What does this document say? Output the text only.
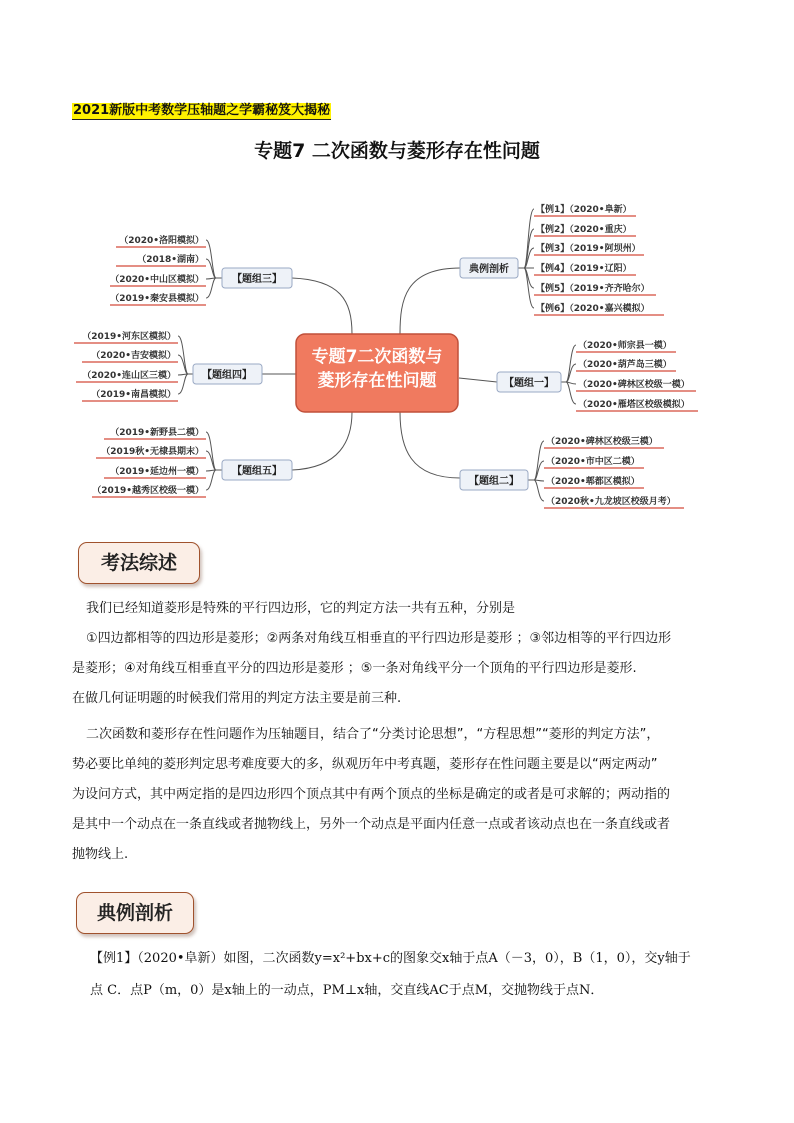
2021新版中考数学压轴题之学霸秘笈大揭秘
专题7 二次函数与菱形存在性问题
专题7二次函数与
菱形存在性问题
【题组三】
【题组四】
【题组五】
典例剖析
【题组一】
【题组二】
（2020•洛阳模拟）
（2018•湖南）
（2020•中山区模拟）
（2019•秦安县模拟）
（2019•河东区模拟）
（2020•吉安模拟）
（2020•连山区三模）
（2019•南昌模拟）
（2019•新野县二模）
（2019秋•无棣县期末）
（2019•延边州一模）
（2019•越秀区校级一模）
【例1】（2020•阜新）
【例2】（2020•重庆）
【例3】（2019•阿坝州）
【例4】（2019•辽阳）
【例5】（2019•齐齐哈尔）
【例6】（2020•嘉兴模拟）
（2020•师宗县一模）
（2020•葫芦岛三模）
（2020•碑林区校级一模）
（2020•雁塔区校级模拟）
（2020•碑林区校级三模）
（2020•市中区二模）
（2020•郫都区模拟）
（2020秋•九龙坡区校级月考）
考法综述
我们已经知道菱形是特殊的平行四边形，它的判定方法一共有五种，分别是
①四边都相等的四边形是菱形；②两条对角线互相垂直的平行四边形是菱形 ；③邻边相等的平行四边形
是菱形；④对角线互相垂直平分的四边形是菱形 ；⑤一条对角线平分一个顶角的平行四边形是菱形.
在做几何证明题的时候我们常用的判定方法主要是前三种.
二次函数和菱形存在性问题作为压轴题目，结合了“分类讨论思想”，“方程思想”“菱形的判定方法”，
势必要比单纯的菱形判定思考难度要大的多，纵观历年中考真题，菱形存在性问题主要是以“两定两动”
为设问方式，其中两定指的是四边形四个顶点其中有两个顶点的坐标是确定的或者是可求解的；两动指的
是其中一个动点在一条直线或者抛物线上，另外一个动点是平面内任意一点或者该动点也在一条直线或者
抛物线上.
典例剖析
【例1】（2020•阜新）如图，二次函数y=x²+bx+c的图象交x轴于点A（－3，0），B（1，0），交y轴于
点 C．点P（m，0）是x轴上的一动点，PM⊥x轴，交直线AC于点M，交抛物线于点N．
